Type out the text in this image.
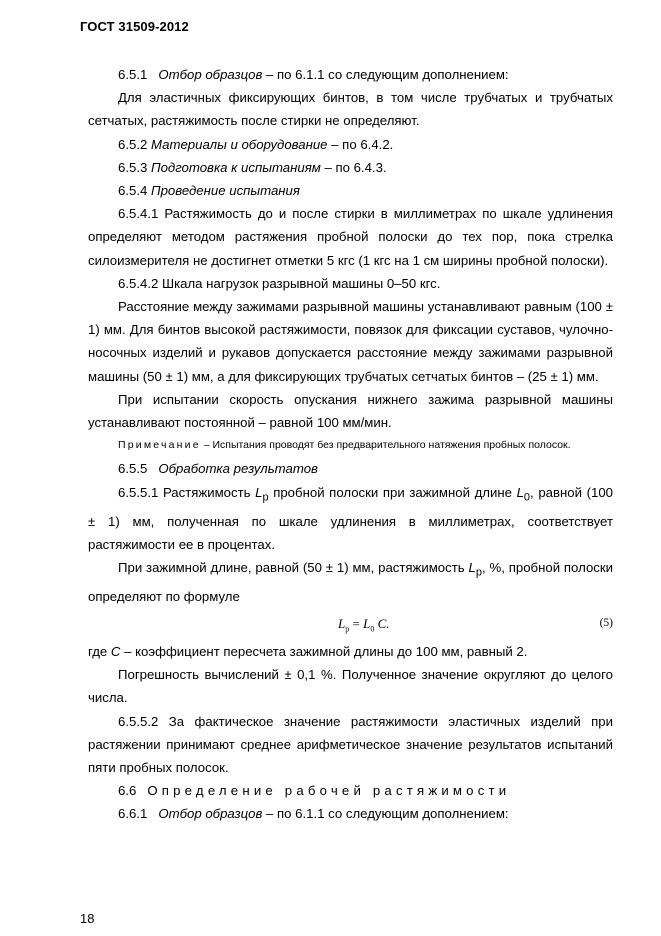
ГОСТ 31509-2012

6.5.1 Отбор образцов – по 6.1.1 со следующим дополнением:

Для эластичных фиксирующих бинтов, в том числе трубчатых и трубчатых сетчатых, растяжимость после стирки не определяют.

6.5.2 Материалы и оборудование – по 6.4.2.

6.5.3 Подготовка к испытаниям – по 6.4.3.

6.5.4 Проведение испытания

6.5.4.1 Растяжимость до и после стирки в миллиметрах по шкале удлинения определяют методом растяжения пробной полоски до тех пор, пока стрелка силоизмерителя не достигнет отметки 5 кгс (1 кгс на 1 см ширины пробной полоски).

6.5.4.2 Шкала нагрузок разрывной машины 0–50 кгс.

Расстояние между зажимами разрывной машины устанавливают равным (100 ± 1) мм. Для бинтов высокой растяжимости, повязок для фиксации суставов, чулочно-носочных изделий и рукавов допускается расстояние между зажимами разрывной машины (50 ± 1) мм, а для фиксирующих трубчатых сетчатых бинтов – (25 ± 1) мм.

При испытании скорость опускания нижнего зажима разрывной машины устанавливают постоянной – равной 100 мм/мин.

Примечание – Испытания проводят без предварительного натяжения пробных полосок.

6.5.5 Обработка результатов

6.5.5.1 Растяжимость $L_р$ пробной полоски при зажимной длине $L_0$, равной (100 ± 1) мм, полученная по шкале удлинения в миллиметрах, соответствует растяжимости ее в процентах.

При зажимной длине, равной (50 ± 1) мм, растяжимость $L_р$, %, пробной полоски определяют по формуле

$L_р = L_0$ C.	(5)

где С – коэффициент пересчета зажимной длины до 100 мм, равный 2.

Погрешность вычислений ± 0,1 %. Полученное значение округляют до целого числа.

6.5.5.2 За фактическое значение растяжимости эластичных изделий при растяжении принимают среднее арифметическое значение результатов испытаний пяти пробных полосок.

6.6 Определение рабочей растяжимости

6.6.1 Отбор образцов – по 6.1.1 со следующим дополнением:

18
